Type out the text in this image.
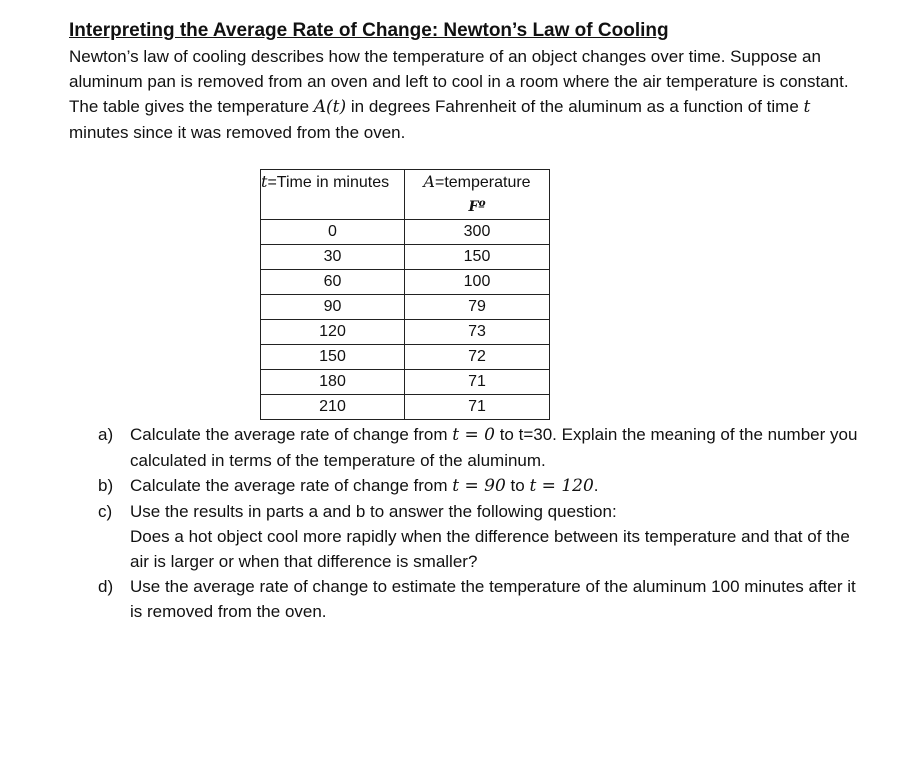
Interpreting the Average Rate of Change: Newton’s Law of Cooling

Newton’s law of cooling describes how the temperature of an object changes over time. Suppose an aluminum pan is removed from an oven and left to cool in a room where the air temperature is constant. The table gives the temperature A(t) in degrees Fahrenheit of the aluminum as a function of time t minutes since it was removed from the oven.

t=Time in minutes	A=temperature
Fº
0	300
30	150
60	100
90	79
120	73
150	72
180	71
210	71
a) Calculate the average rate of change from t = 0 to t=30. Explain the meaning of the number you calculated in terms of the temperature of the aluminum.
b) Calculate the average rate of change from t = 90 to t = 120.
c)	Use the results in parts a and b to answer the following question:
Does a hot object cool more rapidly when the difference between its temperature and that of the air is larger or when that difference is smaller?
d) Use the average rate of change to estimate the temperature of the aluminum 100 minutes after it is removed from the oven.
